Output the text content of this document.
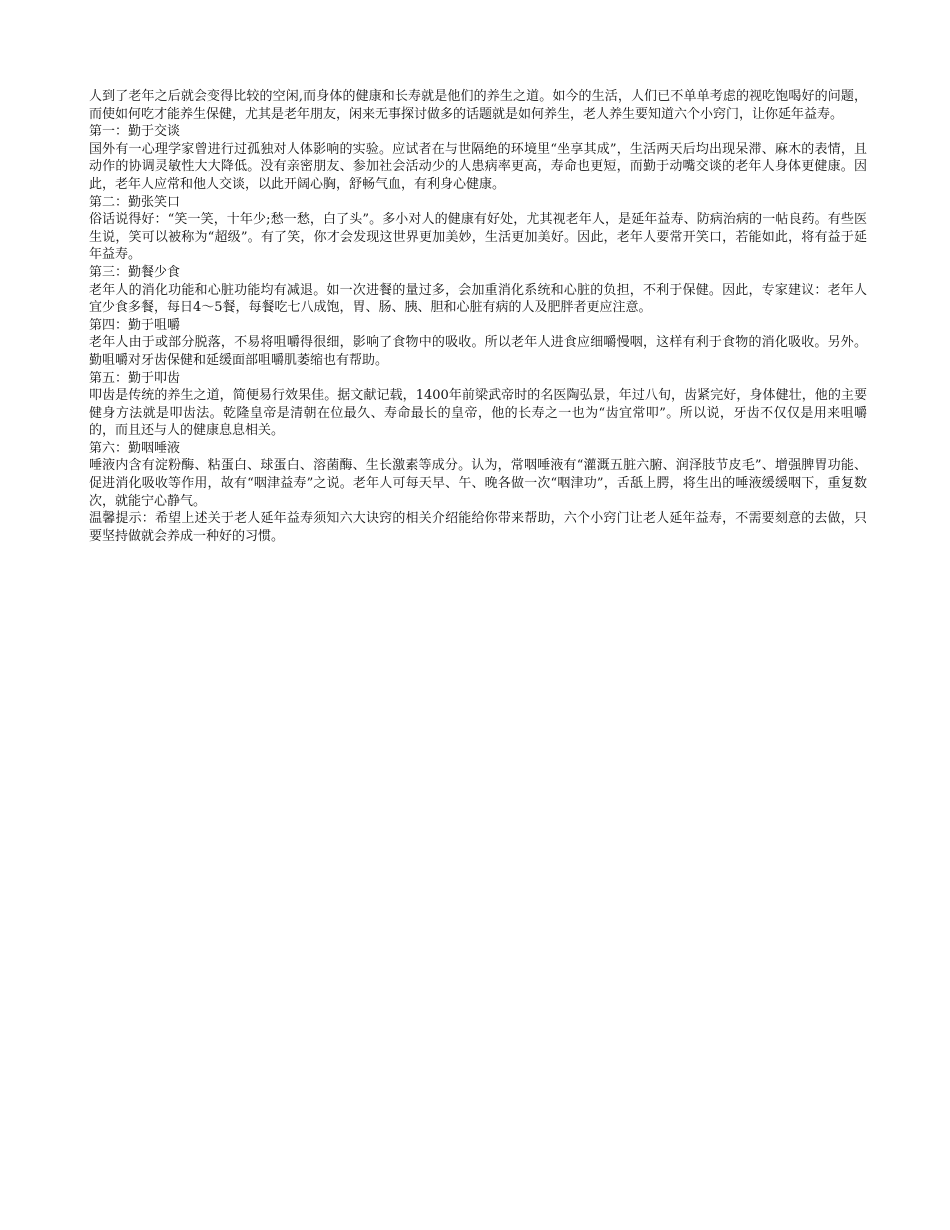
人到了老年之后就会变得比较的空闲,而身体的健康和长寿就是他们的养生之道。如今的生活，人们已不单单考虑的视吃饱喝好的问题，而使如何吃才能养生保健，尤其是老年朋友，闲来无事探讨做多的话题就是如何养生，老人养生要知道六个小窍门，让你延年益寿。

第一：勤于交谈

国外有一心理学家曾进行过孤独对人体影响的实验。应试者在与世隔绝的环境里“坐享其成”，生活两天后均出现呆滞、麻木的表情，且动作的协调灵敏性大大降低。没有亲密朋友、参加社会活动少的人患病率更高，寿命也更短，而勤于动嘴交谈的老年人身体更健康。因此，老年人应常和他人交谈，以此开阔心胸，舒畅气血，有利身心健康。

第二：勤张笑口

俗话说得好：“笑一笑，十年少;愁一愁，白了头”。多小对人的健康有好处，尤其视老年人，是延年益寿、防病治病的一帖良药。有些医生说，笑可以被称为“超级”。有了笑，你才会发现这世界更加美妙，生活更加美好。因此，老年人要常开笑口，若能如此，将有益于延年益寿。

第三：勤餐少食

老年人的消化功能和心脏功能均有减退。如一次进餐的量过多，会加重消化系统和心脏的负担，不利于保健。因此，专家建议：老年人宜少食多餐，每日4～5餐，每餐吃七八成饱，胃、肠、胰、胆和心脏有病的人及肥胖者更应注意。

第四：勤于咀嚼

老年人由于或部分脱落，不易将咀嚼得很细，影响了食物中的吸收。所以老年人进食应细嚼慢咽，这样有利于食物的消化吸收。另外。勤咀嚼对牙齿保健和延缓面部咀嚼肌萎缩也有帮助。

第五：勤于叩齿

叩齿是传统的养生之道，简便易行效果佳。据文献记载，1400年前梁武帝时的名医陶弘景，年过八旬，齿紧完好，身体健壮，他的主要健身方法就是叩齿法。乾隆皇帝是清朝在位最久、寿命最长的皇帝，他的长寿之一也为“齿宜常叩”。所以说，牙齿不仅仅是用来咀嚼的，而且还与人的健康息息相关。

第六：勤咽唾液

唾液内含有淀粉酶、粘蛋白、球蛋白、溶菌酶、生长激素等成分。认为，常咽唾液有“灌溉五脏六腑、润泽肢节皮毛”、增强脾胃功能、促进消化吸收等作用，故有“咽津益寿”之说。老年人可每天早、午、晚各做一次“咽津功”，舌舐上腭，将生出的唾液缓缓咽下，重复数次，就能宁心静气。

温馨提示：希望上述关于老人延年益寿须知六大诀窍的相关介绍能给你带来帮助，六个小窍门让老人延年益寿，不需要刻意的去做，只要坚持做就会养成一种好的习惯。
